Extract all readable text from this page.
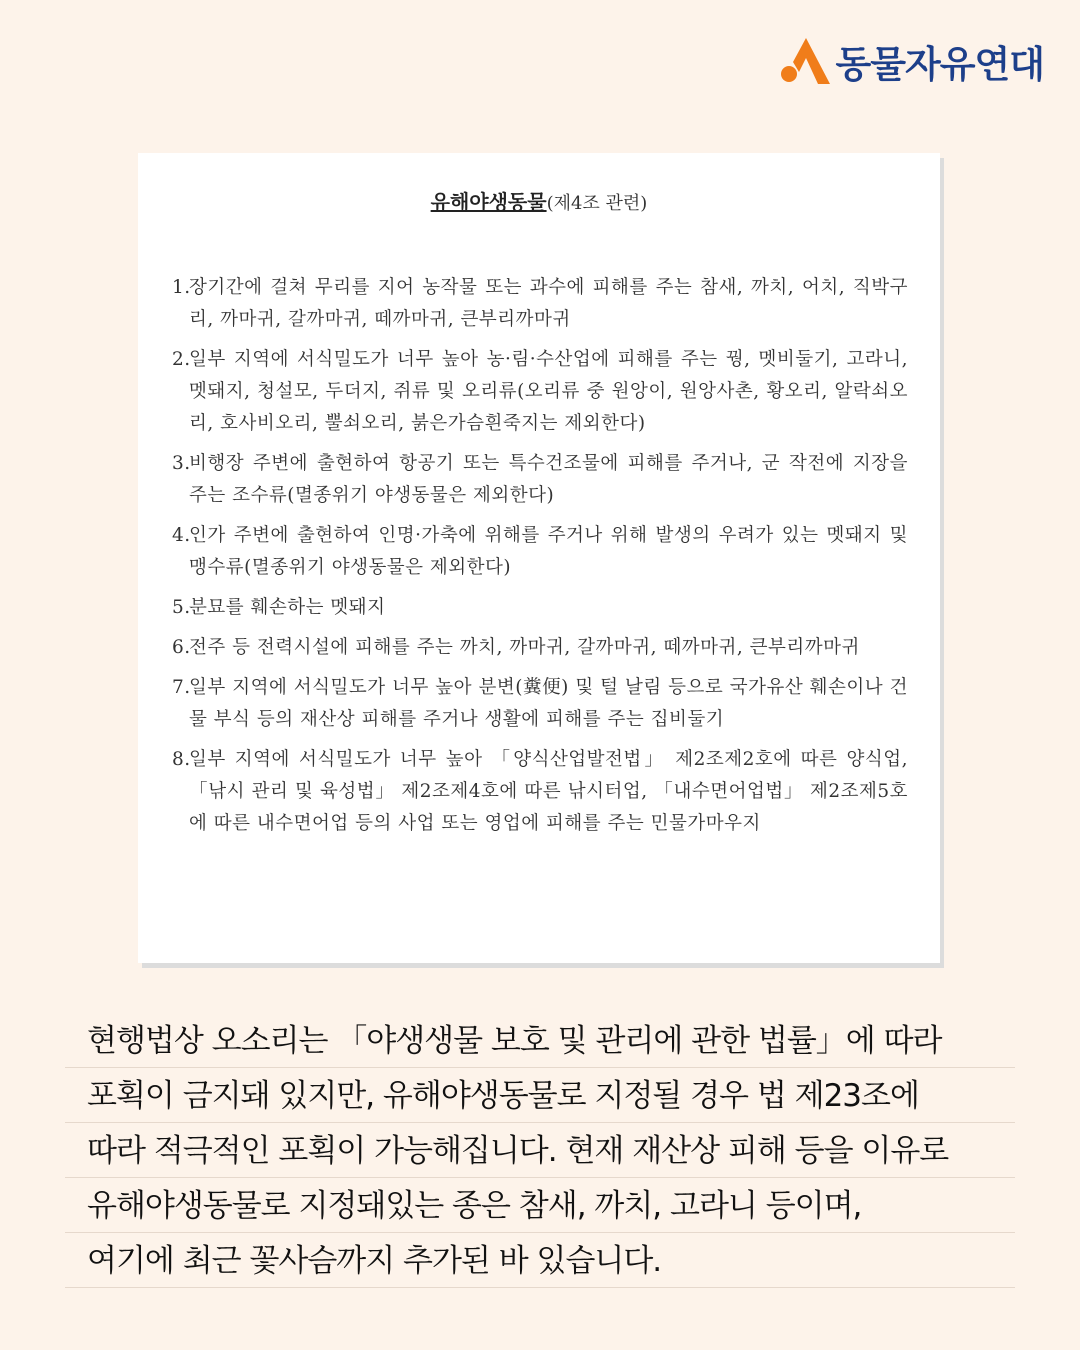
동물자유연대
유해야생동물(제4조 관련)
1.
장기간에 걸쳐 무리를 지어 농작물 또는 과수에 피해를 주는 참새, 까치, 어치, 직박구리, 까마귀, 갈까마귀, 떼까마귀, 큰부리까마귀
2.
일부 지역에 서식밀도가 너무 높아 농·림·수산업에 피해를 주는 꿩, 멧비둘기, 고라니, 멧돼지, 청설모, 두더지, 쥐류 및 오리류(오리류 중 원앙이, 원앙사촌, 황오리, 알락쇠오리, 호사비오리, 뿔쇠오리, 붉은가슴흰죽지는 제외한다)
3.
비행장 주변에 출현하여 항공기 또는 특수건조물에 피해를 주거나, 군 작전에 지장을 주는 조수류(멸종위기 야생동물은 제외한다)
4.
인가 주변에 출현하여 인명·가축에 위해를 주거나 위해 발생의 우려가 있는 멧돼지 및 맹수류(멸종위기 야생동물은 제외한다)
5.
분묘를 훼손하는 멧돼지
6.
전주 등 전력시설에 피해를 주는 까치, 까마귀, 갈까마귀, 떼까마귀, 큰부리까마귀
7.
일부 지역에 서식밀도가 너무 높아 분변(糞便) 및 털 날림 등으로 국가유산 훼손이나 건물 부식 등의 재산상 피해를 주거나 생활에 피해를 주는 집비둘기
8.
일부 지역에 서식밀도가 너무 높아 「양식산업발전법」 제2조제2호에 따른 양식업, 「낚시 관리 및 육성법」 제2조제4호에 따른 낚시터업, 「내수면어업법」 제2조제5호에 따른 내수면어업 등의 사업 또는 영업에 피해를 주는 민물가마우지
현행법상 오소리는 「야생생물 보호 및 관리에 관한 법률」에 따라
포획이 금지돼 있지만, 유해야생동물로 지정될 경우 법 제23조에
따라 적극적인 포획이 가능해집니다. 현재 재산상 피해 등을 이유로
유해야생동물로 지정돼있는 종은 참새, 까치, 고라니 등이며,
여기에 최근 꽃사슴까지 추가된 바 있습니다.
